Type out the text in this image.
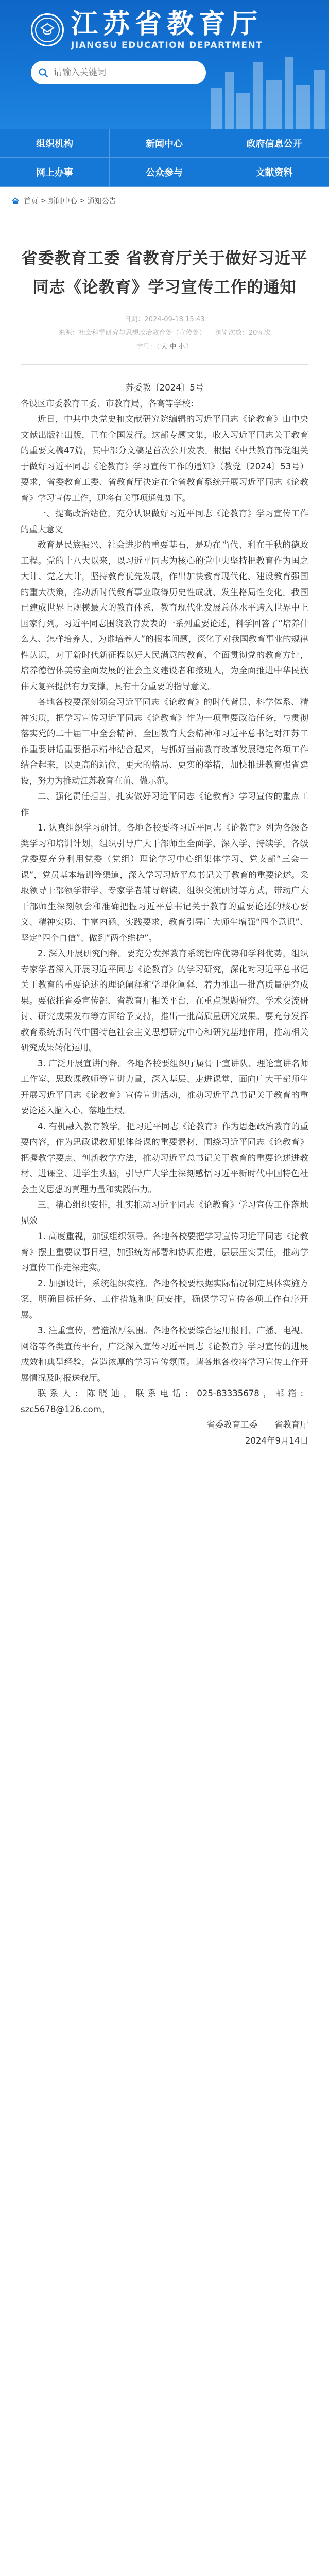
江苏省教育厅
JIANGSU EDUCATION DEPARTMENT
请输入关键词
组织机构	新闻中心	政府信息公开
网上办事	公众参与	文献资料
首页 > 新闻中心 > 通知公告
省委教育工委 省教育厅关于做好习近平同志《论教育》学习宣传工作的通知
日期：2024-09-18 15:43
来源：社会科学研究与思想政治教育处（宣传处） 浏览次数：20％次
字号：（ 大 中 小 ）

苏委教〔2024〕5号

各设区市委教育工委、市教育局，各高等学校：

近日，中共中央党史和文献研究院编辑的习近平同志《论教育》由中央文献出版社出版，已在全国发行。这部专题文集，收入习近平同志关于教育的重要文稿47篇，其中部分文稿是首次公开发表。根据《中共教育部党组关于做好习近平同志《论教育》学习宣传工作的通知》（教党〔2024〕53号）要求，省委教育工委、省教育厅决定在全省教育系统开展习近平同志《论教育》学习宣传工作，现将有关事项通知如下。

一、提高政治站位，充分认识做好习近平同志《论教育》学习宣传工作的重大意义

教育是民族振兴、社会进步的重要基石，是功在当代、利在千秋的德政工程。党的十八大以来，以习近平同志为核心的党中央坚持把教育作为国之大计、党之大计，坚持教育优先发展，作出加快教育现代化、建设教育强国的重大决策，推动新时代教育事业取得历史性成就、发生格局性变化。我国已建成世界上规模最大的教育体系，教育现代化发展总体水平跨入世界中上国家行列。习近平同志围绕教育发表的一系列重要论述，科学回答了“培养什么人、怎样培养人、为谁培养人”的根本问题，深化了对我国教育事业的规律性认识，对于新时代新征程以好人民满意的教育、全面贯彻党的教育方针，培养德智体美劳全面发展的社会主义建设者和接班人，为全面推进中华民族伟大复兴提供有力支撑，具有十分重要的指导意义。

各地各校要深刻领会习近平同志《论教育》的时代背景、科学体系、精神实质，把学习宣传习近平同志《论教育》作为一项重要政治任务，与贯彻落实党的二十届三中全会精神、全国教育大会精神和习近平总书记对江苏工作重要讲话重要指示精神结合起来，与抓好当前教育改革发展稳定各项工作结合起来，以更高的站位、更大的格局、更实的举措，加快推进教育强省建设，努力为推动江苏教育在前、做示范。

二、强化责任担当，扎实做好习近平同志《论教育》学习宣传的重点工作

1. 认真组织学习研讨。各地各校要将习近平同志《论教育》列为各级各类学习和培训计划，组织引导广大干部师生全面学、深入学、持续学。各级党委要充分利用党委（党组）理论学习中心组集体学习、党支部“三会一课”，党员基本培训等渠道，深入学习习近平总书记关于教育的重要论述。采取领导干部领学带学、专家学者辅导解读、组织交流研讨等方式，带动广大干部师生深刻领会和准确把握习近平总书记关于教育的重要论述的核心要义、精神实质、丰富内涵、实践要求，教育引导广大师生增强“四个意识”、坚定“四个自信”、做到“两个维护”。

2. 深入开展研究阐释。要充分发挥教育系统智库优势和学科优势，组织专家学者深入开展习近平同志《论教育》的学习研究，深化对习近平总书记关于教育的重要论述的理论阐释和学理化阐释，着力推出一批高质量研究成果。要依托省委宣传部、省教育厅相关平台，在重点课题研究、学术交流研讨、研究成果发布等方面给予支持，推出一批高质量研究成果。要充分发挥教育系统新时代中国特色社会主义思想研究中心和研究基地作用，推动相关研究成果转化运用。

3. 广泛开展宣讲阐释。各地各校要组织厅属骨干宣讲队、理论宣讲名师工作室、思政课教师等宣讲力量，深入基层、走进课堂，面向广大干部师生开展习近平同志《论教育》宣传宣讲活动，推动习近平总书记关于教育的重要论述入脑入心、落地生根。

4. 有机融入教育教学。把习近平同志《论教育》作为思想政治教育的重要内容，作为思政课教师集体备课的重要素材，围绕习近平同志《论教育》把握教学要点、创新教学方法，推动习近平总书记关于教育的重要论述进教材、进课堂、进学生头脑，引导广大学生深刻感悟习近平新时代中国特色社会主义思想的真理力量和实践伟力。

三、精心组织安排，扎实推动习近平同志《论教育》学习宣传工作落地见效

1. 高度重视，加强组织领导。各地各校要把学习宣传习近平同志《论教育》摆上重要议事日程，加强统筹部署和协调推进，层层压实责任，推动学习宣传工作走深走实。

2. 加强设计，系统组织实施。各地各校要根据实际情况制定具体实施方案，明确目标任务、工作措施和时间安排，确保学习宣传各项工作有序开展。

3. 注重宣传，营造浓厚氛围。各地各校要综合运用报刊、广播、电视、网络等各类宣传平台，广泛深入宣传习近平同志《论教育》学习宣传的进展成效和典型经验，营造浓厚的学习宣传氛围。请各地各校将学习宣传工作开展情况及时报送我厅。

联系人：陈晓迪，联系电话：025-83335678，邮箱：szc5678@126.com。

省委教育工委　　省教育厅

2024年9月14日
